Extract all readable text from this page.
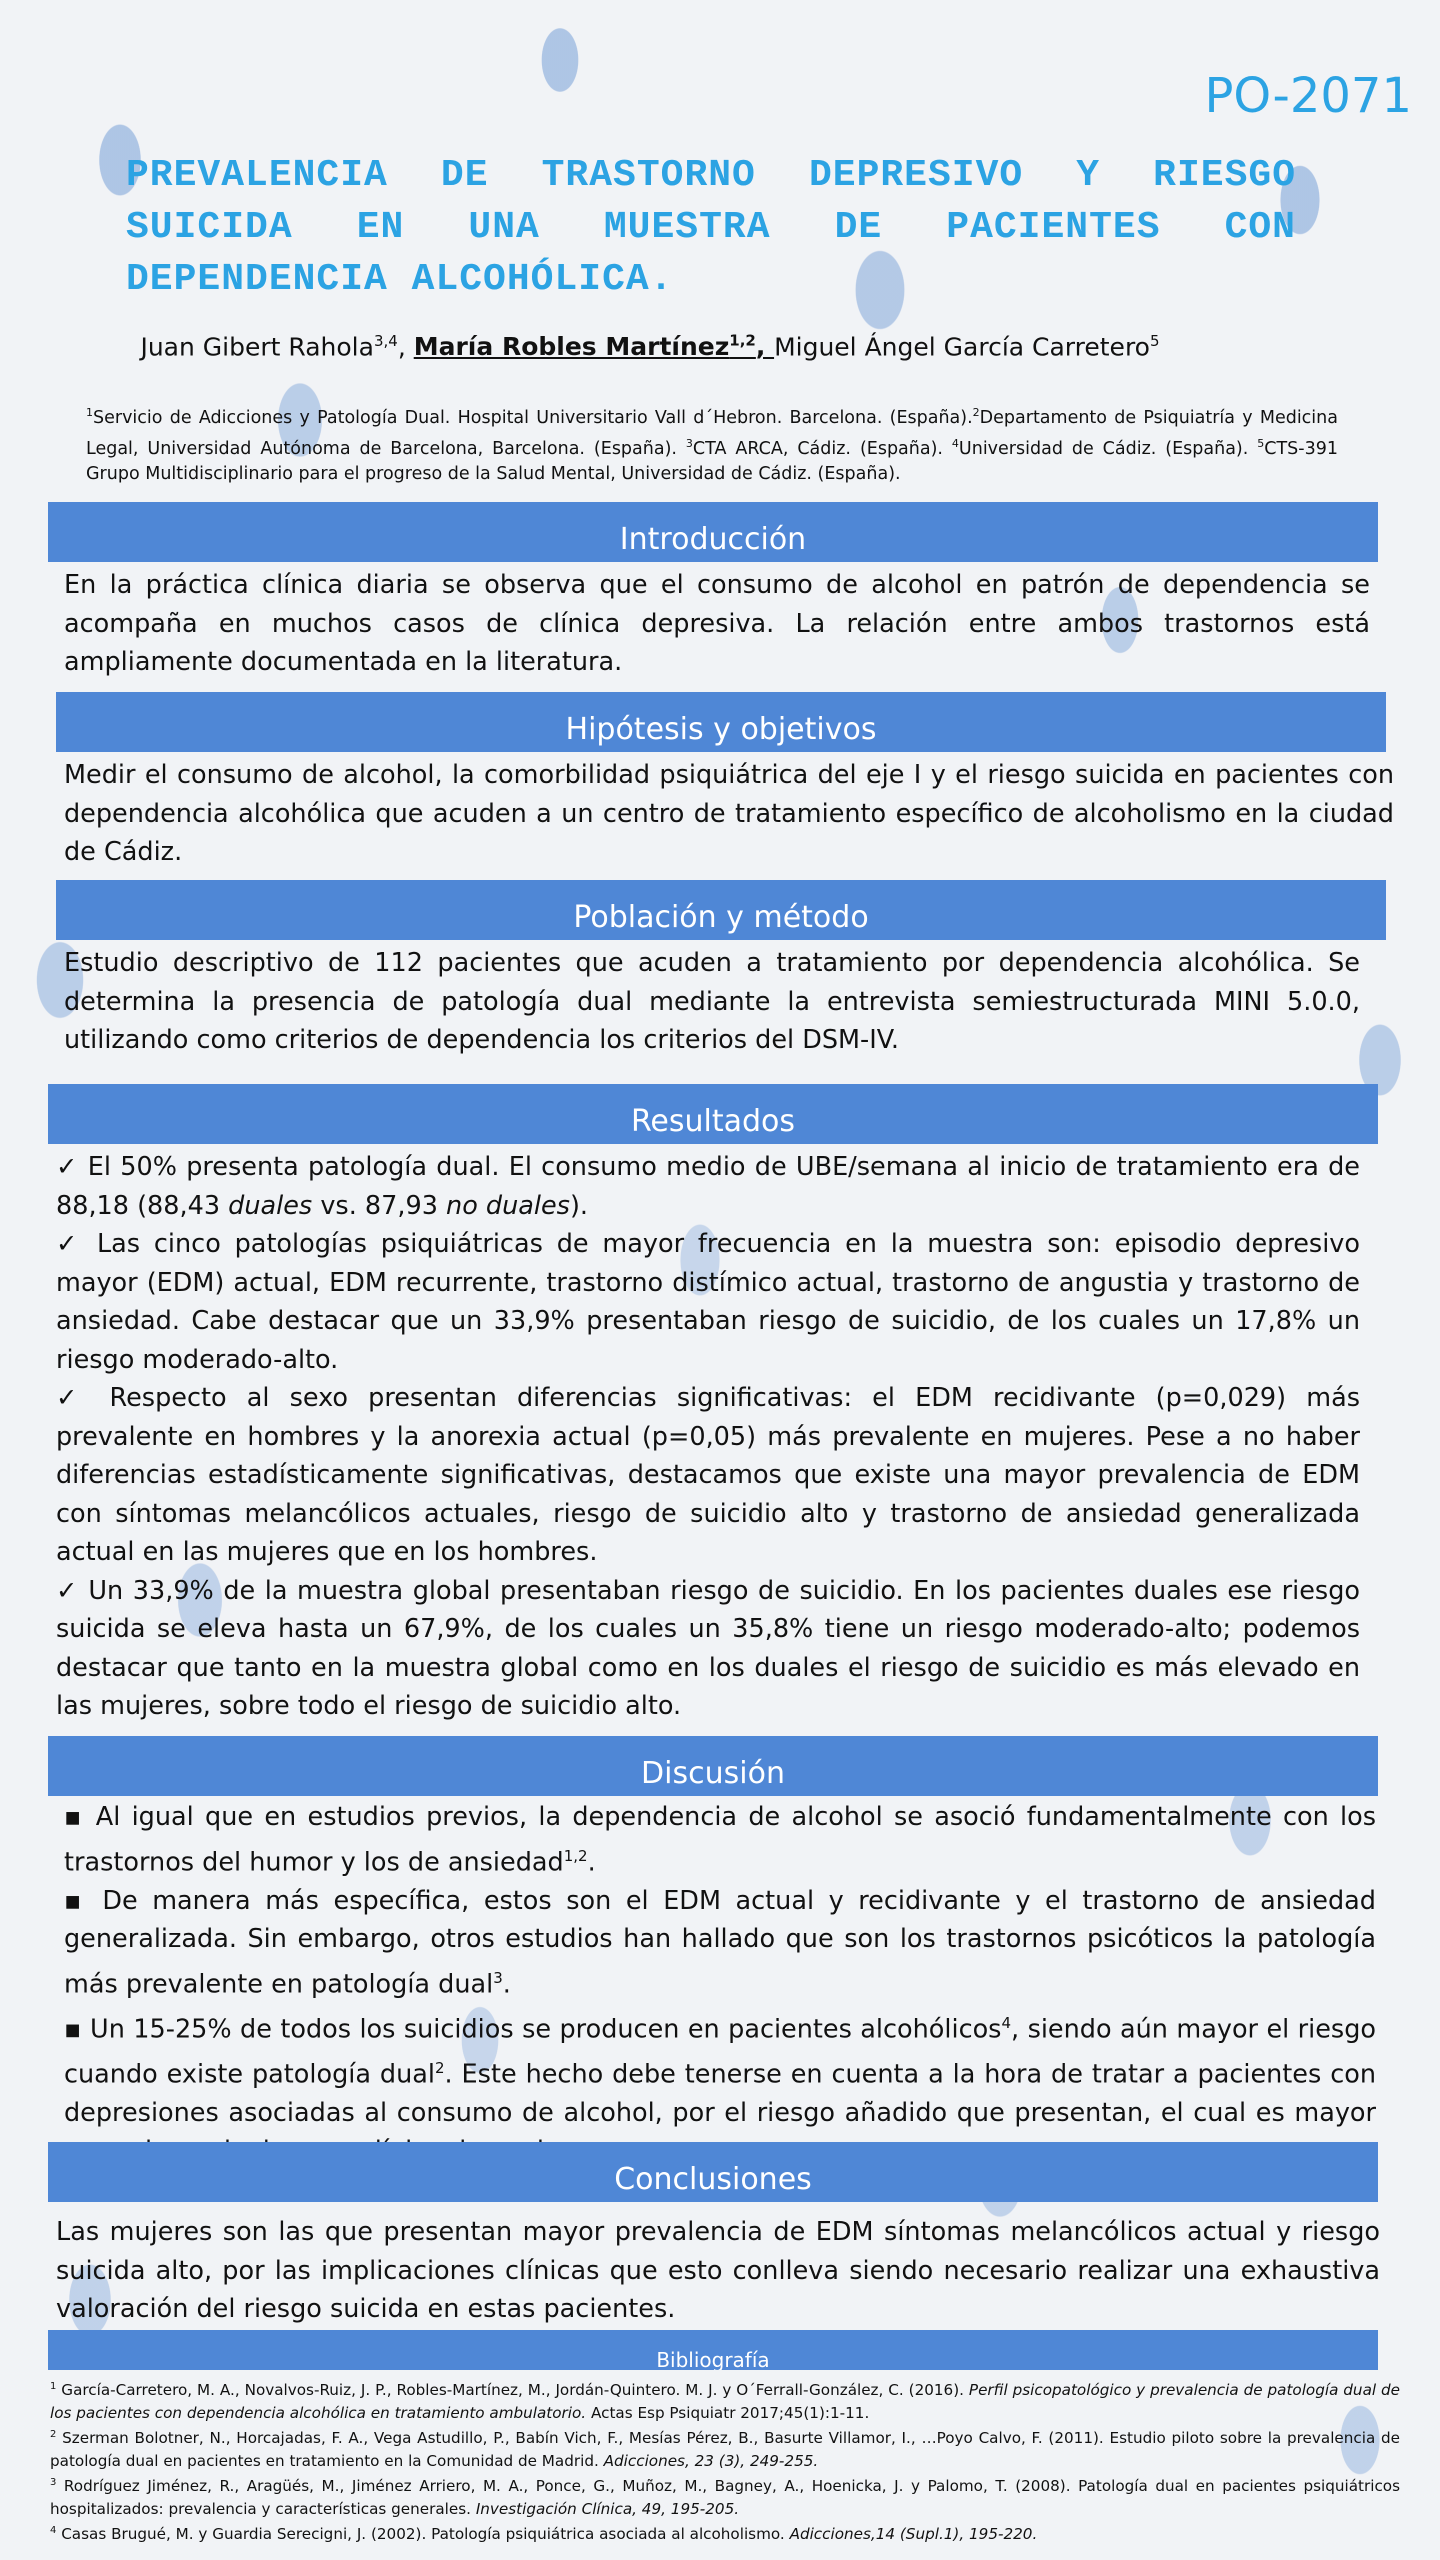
PO-2071
PREVALENCIA DE TRASTORNO DEPRESIVO Y RIESGO SUICIDA EN UNA MUESTRA DE PACIENTES CON DEPENDENCIA ALCOHÓLICA.
Juan Gibert Rahola$^{3,4}$, María Robles Martínez$^{1,2}$, Miguel Ángel García Carretero$^5$
$^1$Servicio de Adicciones y Patología Dual. Hospital Universitario Vall d´Hebron. Barcelona. (España).$^2$Departamento de Psiquiatría y Medicina Legal, Universidad Autónoma de Barcelona, Barcelona. (España). $^3$CTA ARCA, Cádiz. (España). $^4$Universidad de Cádiz. (España). $^5$CTS-391 Grupo Multidisciplinario para el progreso de la Salud Mental, Universidad de Cádiz. (España).
Introducción
En la práctica clínica diaria se observa que el consumo de alcohol en patrón de dependencia se acompaña en muchos casos de clínica depresiva. La relación entre ambos trastornos está ampliamente documentada en la literatura.
Hipótesis y objetivos
Medir el consumo de alcohol, la comorbilidad psiquiátrica del eje I y el riesgo suicida en pacientes con dependencia alcohólica que acuden a un centro de tratamiento específico de alcoholismo en la ciudad de Cádiz.
Población y método
Estudio descriptivo de 112 pacientes que acuden a tratamiento por dependencia alcohólica. Se determina la presencia de patología dual mediante la entrevista semiestructurada MINI 5.0.0, utilizando como criterios de dependencia los criterios del DSM-IV.
Resultados

✓ El 50% presenta patología dual. El consumo medio de UBE/semana al inicio de tratamiento era de 88,18 (88,43 duales vs. 87,93 no duales).

✓ Las cinco patologías psiquiátricas de mayor frecuencia en la muestra son: episodio depresivo mayor (EDM) actual, EDM recurrente, trastorno distímico actual, trastorno de angustia y trastorno de ansiedad. Cabe destacar que un 33,9% presentaban riesgo de suicidio, de los cuales un 17,8% un riesgo moderado-alto.

✓ Respecto al sexo presentan diferencias significativas: el EDM recidivante (p=0,029) más prevalente en hombres y la anorexia actual (p=0,05) más prevalente en mujeres. Pese a no haber diferencias estadísticamente significativas, destacamos que existe una mayor prevalencia de EDM con síntomas melancólicos actuales, riesgo de suicidio alto y trastorno de ansiedad generalizada actual en las mujeres que en los hombres.

✓ Un 33,9% de la muestra global presentaban riesgo de suicidio. En los pacientes duales ese riesgo suicida se eleva hasta un 67,9%, de los cuales un 35,8% tiene un riesgo moderado-alto; podemos destacar que tanto en la muestra global como en los duales el riesgo de suicidio es más elevado en las mujeres, sobre todo el riesgo de suicidio alto.

Discusión

▪ Al igual que en estudios previos, la dependencia de alcohol se asoció fundamentalmente con los trastornos del humor y los de ansiedad$^{1,2}$.

▪ De manera más específica, estos son el EDM actual y recidivante y el trastorno de ansiedad generalizada. Sin embargo, otros estudios han hallado que son los trastornos psicóticos la patología más prevalente en patología dual$^3$.

▪ Un 15-25% de todos los suicidios se producen en pacientes alcohólicos$^4$, siendo aún mayor el riesgo cuando existe patología dual$^2$. Este hecho debe tenerse en cuenta a la hora de tratar a pacientes con depresiones asociadas al consumo de alcohol, por el riesgo añadido que presentan, el cual es mayor

Conclusiones
Las mujeres son las que presentan mayor prevalencia de EDM síntomas melancólicos actual y riesgo suicida alto, por las implicaciones clínicas que esto conlleva siendo necesario realizar una exhaustiva valoración del riesgo suicida en estas pacientes.
Bibliografía

$^1$ García-Carretero, M. A., Novalvos-Ruiz, J. P., Robles-Martínez, M., Jordán-Quintero. M. J. y O´Ferrall-González, C. (2016). Perfil psicopatológico y prevalencia de patología dual de los pacientes con dependencia alcohólica en tratamiento ambulatorio. Actas Esp Psiquiatr 2017;45(1):1-11.

$^2$ Szerman Bolotner, N., Horcajadas, F. A., Vega Astudillo, P., Babín Vich, F., Mesías Pérez, B., Basurte Villamor, I., …Poyo Calvo, F. (2011). Estudio piloto sobre la prevalencia de patología dual en pacientes en tratamiento en la Comunidad de Madrid. Adicciones, 23 (3), 249-255.

$^3$ Rodríguez Jiménez, R., Aragüés, M., Jiménez Arriero, M. A., Ponce, G., Muñoz, M., Bagney, A., Hoenicka, J. y Palomo, T. (2008). Patología dual en pacientes psiquiátricos hospitalizados: prevalencia y características generales. Investigación Clínica, 49, 195-205.

$^4$ Casas Brugué, M. y Guardia Serecigni, J. (2002). Patología psiquiátrica asociada al alcoholismo. Adicciones,14 (Supl.1), 195-220.
